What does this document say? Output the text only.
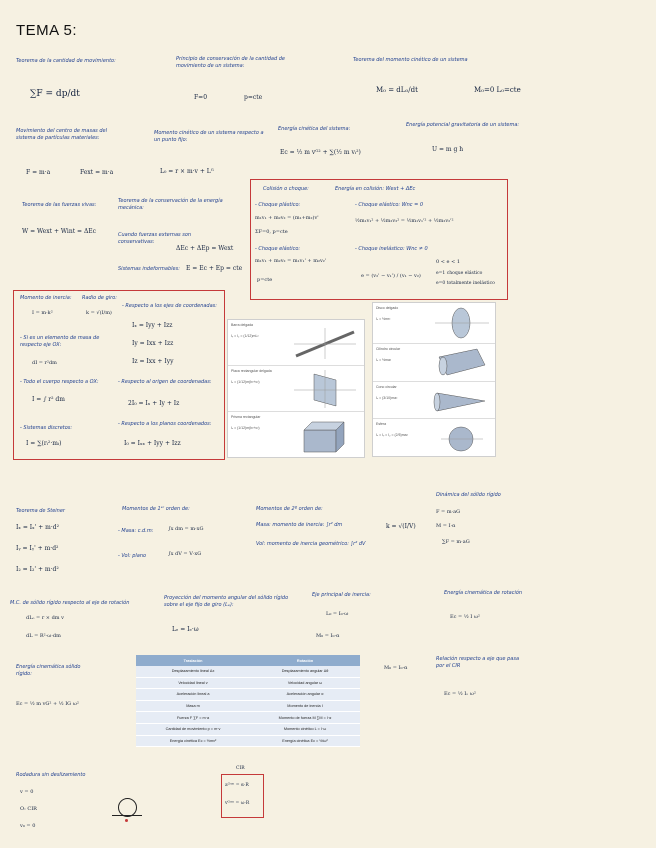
TEMA 5:
Teorema de la cantidad de movimiento:
∑F = dp/dt
Principio de conservación de la cantidad de movimiento de un sistema:
F=0	p=cte
Teorema del momento cinético de un sistema
M₀ = dL₀/dt	M₀=0 L₀=cte
Movimiento del centro de masas del sistema de partículas materiales:
F = m·a	Fext = m·a
Momento cinético de un sistema respecto a un punto fijo:
L₀ = r × m·v + Lᴳ
Energía cinética del sistema:
Ec = ½ m vᴳ² + ∑(½ m vᵢ²)
Energía potencial gravitatoria de un sistema:
U = m g h
Teorema de las fuerzas vivas:
W = Wext + Wint = ΔEc
Teorema de la conservación de la energía mecánica:
Cuando fuerzas externas son conservativas:
ΔEc + ΔEp = Wext
Sistemas indeformables:	E = Ec + Ep = cte
Colisión o choque:	Energía en colisión: Wext + ΔEc
- Choque plástico:
m₁v₁ + m₂v₂ = (m₁+m₂)v'
ΣF=0, p=cte
- Choque elástico:
m₁v₁ + m₂v₂ = m₁v₁' + m₂v₂'
p=cte
- Choque elástico: Wnc = 0
½m₁v₁² + ½m₂v₂² = ½m₁v₁'² + ½m₂v₂'²
- Choque inelástico: Wnc ≠ 0
e = (v₂' − v₁') / (v₁ − v₂)
0 < e < 1
e=1 choque elástico
e=0 totalmente inelástico
Momento de inercia: Radio de giro:
I = m·k²	k = √(I/m)
- Respecto a los ejes de coordenadas:
Iₓ = Iyy + Izz
Iy = Ixx + Izz
Iz = Ixx + Iyy
- Si es un elemento de masa de respecto eje OX:
dI = r²dm
- Todo el cuerpo respecto a OX:
I = ∫ r² dm
- Respecto al origen de coordenadas:
2I₀ = Iₓ + Iy + Iz
- Sistemas discretos:
I = ∑(rᵢ²·mᵢ)
- Respecto a los planos coordenados:
I₀ = Iₓₓ + Iyy + Izz
Barra delgada
Iᵧ = I₂ = (1/12)mL²
Placa rectangular delgada
Iₓ = (1/12)m(b²+c²)
Prisma rectangular
Iₓ = (1/12)m(b²+c²)
Disco delgado
Iₓ = ½mr²
Cilindro circular
Iₓ = ½ma²
Cono circular
Iₓ = (3/10)ma²
Esfera
Iₓ = Iᵧ = I₂ = (2/5)ma²
Teorema de Steiner
Iₓ = Iₓ' + m·d²
Iᵧ = Iᵧ' + m·d²
I₂ = I₂' + m·d²
Momentos de 1ᵉʳ orden de:
- Masa: c.d.m:	∫x dm = m·xG
- Vol: plano	∫x dV = V·xG
Momentos de 2º orden de:
Masa: momento de inercia: ∫r² dm
Vol: momento de inercia geométrico: ∫r² dV
k = √(I/V)
Dinámica del sólido rígido
F = m·aG
M = I·α
∑F = m·aG
M.C. de sólido rígido respecto al eje de rotación
dLₒ = r × dm v
dL = R²·ω·dm
Proyección del momento angular del sólido rígido sobre el eje fijo de giro (Lₑ):
Lₑ = Iₑ·ω
Eje principal de inercia:
L₀ = I₀·ω
M₀ = I₀·α
Energía cinemática de rotación
Ec = ½ I ω²
Energía cinemática sólido rígido:
Ec = ½ m vG² + ½ IG ω²
M₀ = I₀·α
Relación respecto a eje que pasa por el CIR
Ec = ½ Iₒ ω²
Traslación	Rotación
Desplazamiento lineal Δx	Desplazamiento angular Δθ
Velocidad lineal v	Velocidad angular ω
Aceleración lineal a	Aceleración angular α
Masa m	Momento de inercia I
Fuerza F ∑F = m·a	Momento de fuerza M ∑M = I·α
Cantidad de movimiento p = m·v	Momento cinético L = I·ω
Energía cinética Ec = ½mv²	Energía cinética Ec = ½Iω²
Rodadura sin deslizamiento
v = 0
O: CIR
v₀ = 0
CIR
aᴳᶜᵐ = α·R
vᴳᶜᵐ = ω·R
